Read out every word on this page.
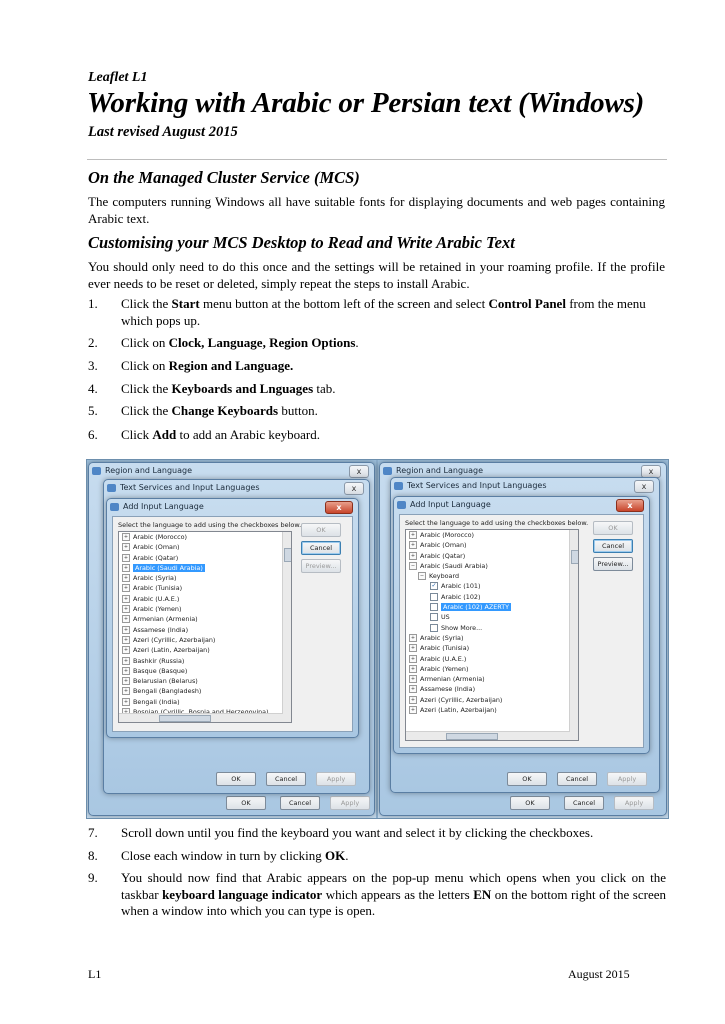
Leaflet L1
Working with Arabic or Persian text (Windows)
Last revised August 2015
On the Managed Cluster Service (MCS)
The computers running Windows all have suitable fonts for displaying documents and web pages containing Arabic text.
Customising your MCS Desktop to Read and Write Arabic Text
You should only need to do this once and the settings will be retained in your roaming profile. If the profile ever needs to be reset or deleted, simply repeat the steps to install Arabic.
1.	Click the Start menu button at the bottom left of the screen and select Control Panel from the menu which pops up.
2.	Click on Clock, Language, Region Options.
3.	Click on Region and Language.
4.	Click the Keyboards and Lnguages tab.
5.	Click the Change Keyboards button.
6.	Click Add to add an Arabic keyboard.
Region and Language	x
OK	Cancel	Apply
Text Services and Input Languages	x
OK	Cancel	Apply
Add Input Language	x
Select the language to add using the checkboxes below.
+ Arabic (Morocco)
+ Arabic (Oman)
+ Arabic (Qatar)
+ Arabic (Saudi Arabia)
+ Arabic (Syria)
+ Arabic (Tunisia)
+ Arabic (U.A.E.)
+ Arabic (Yemen)
+ Armenian (Armenia)
+ Assamese (India)
+ Azeri (Cyrillic, Azerbaijan)
+ Azeri (Latin, Azerbaijan)
+ Bashkir (Russia)
+ Basque (Basque)
+ Belarusian (Belarus)
+ Bengali (Bangladesh)
+ Bengali (India)
OK
Cancel
Preview...
Region and Language	x
OK	Cancel	Apply
Text Services and Input Languages	x
OK	Cancel	Apply
Add Input Language	x
Select the language to add using the checkboxes below.
+ Arabic (Morocco)
+ Arabic (Oman)
+ Arabic (Qatar)
− Arabic (Saudi Arabia)
− Keyboard
✓ Arabic (101)
Arabic (102)
Arabic (102) AZERTY
US
Show More...
+ Arabic (Syria)
+ Arabic (Tunisia)
+ Arabic (U.A.E.)
+ Arabic (Yemen)
+ Armenian (Armenia)
+ Assamese (India)
+ Azeri (Cyrillic, Azerbaijan)
+ Azeri (Latin, Azerbaijan)
OK
Cancel
Preview...
7.	Scroll down until you find the keyboard you want and select it by clicking the checkboxes.
8.	Close each window in turn by clicking OK.
9.	You should now find that Arabic appears on the pop-up menu which opens when you click on the taskbar keyboard language indicator which appears as the letters EN on the bottom right of the screen when a window into which you can type is open.
L1	August 2015
